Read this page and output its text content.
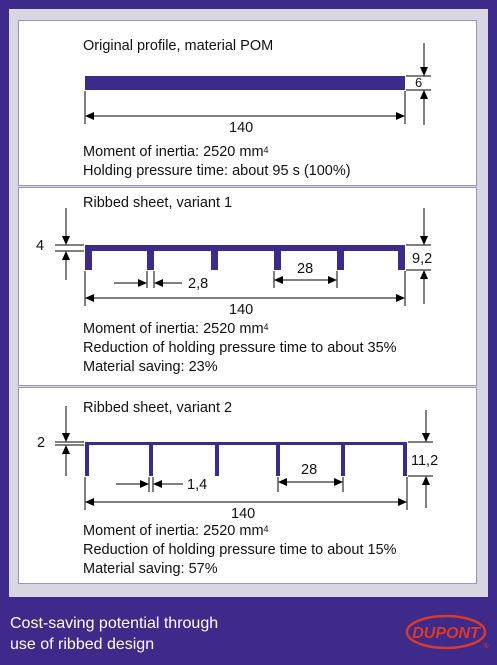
Original profile, material POM
140
6
Moment of inertia: 2520 $mm^4$
Holding pressure time: about 95 s (100%)
Ribbed sheet, variant 1
4
9,2
2,8
28
140
Moment of inertia: 2520 $mm^4$
Reduction of holding pressure time to about 35%
Material saving: 23%
Ribbed sheet, variant 2
2
11,2
1,4
28
140
Moment of inertia: 2520 $mm^4$
Reduction of holding pressure time to about 15%
Material saving: 57%
Cost-saving potential through
use of ribbed design
DUPONT
®
